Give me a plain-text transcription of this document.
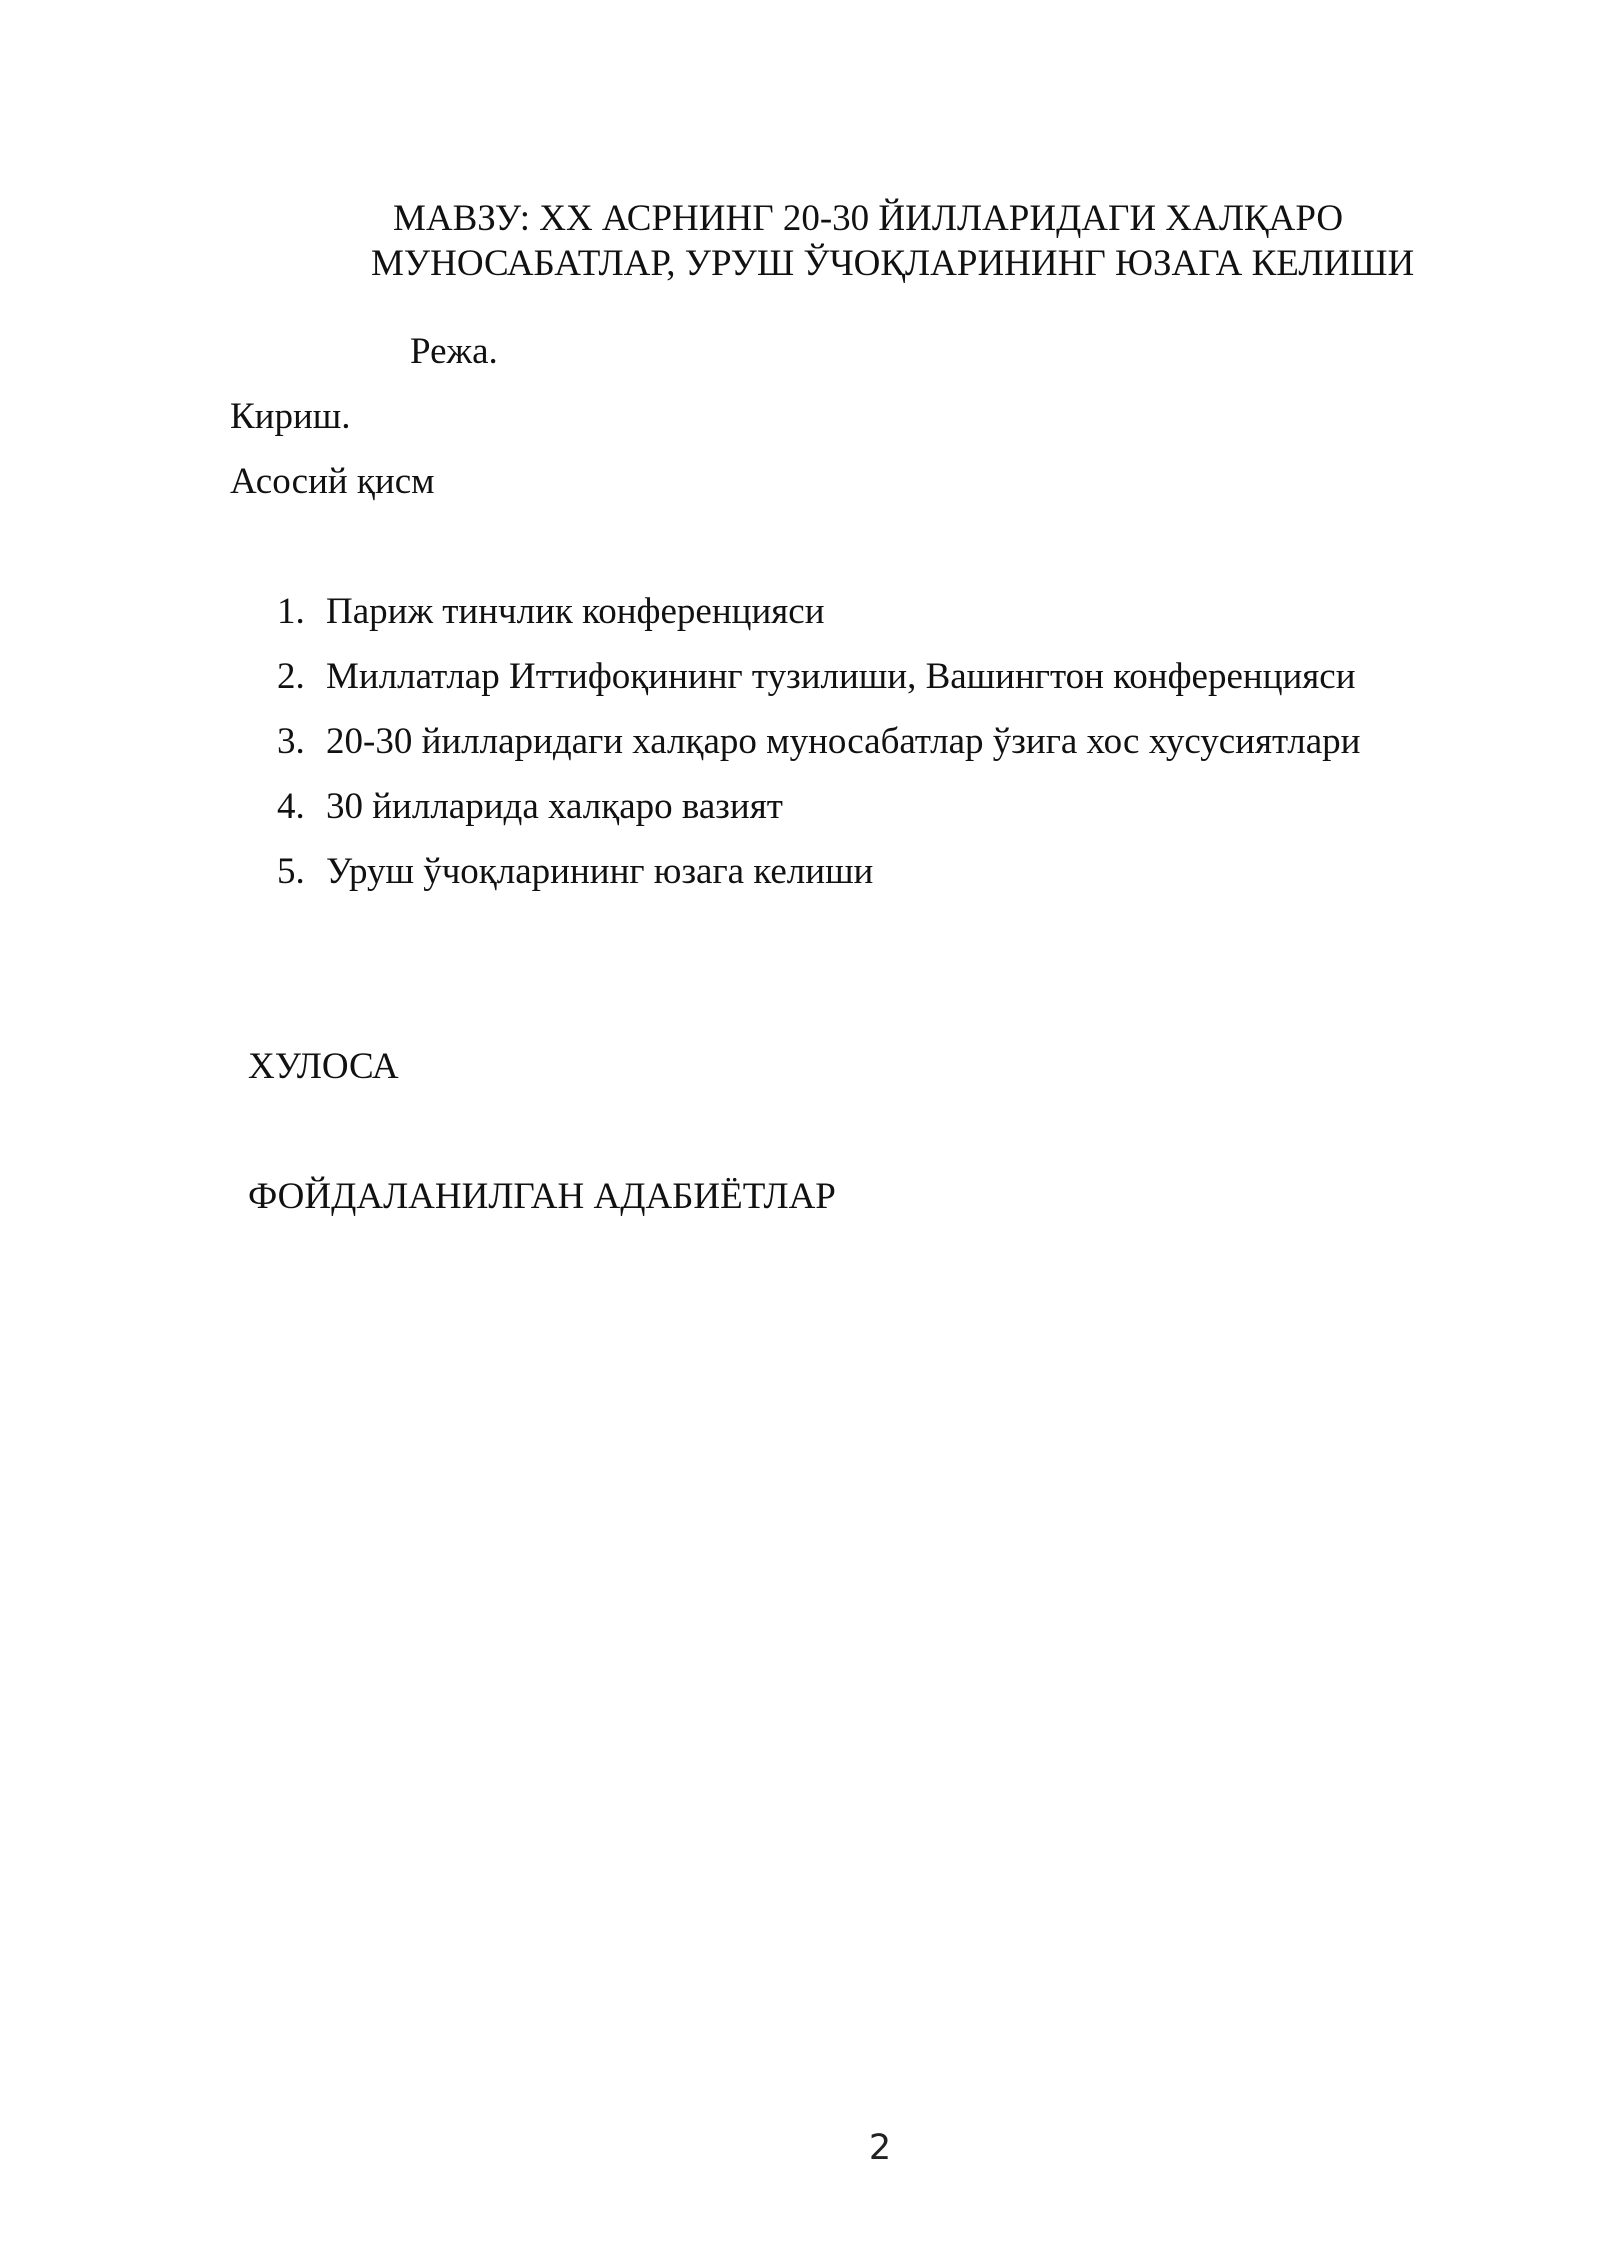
МАВЗУ: XX АСРНИНГ 20-30 ЙИЛЛАРИДАГИ ХАЛҚАРО
МУНОСАБАТЛАР, УРУШ ЎЧОҚЛАРИНИНГ ЮЗАГА КЕЛИШИ
Режа.
Кириш.
Асосий қисм
1. Париж тинчлик конференцияси
2. Миллатлар Иттифоқининг тузилиши, Вашингтон конференцияси
3. 20-30 йилларидаги халқаро муносабатлар ўзига хос хусусиятлари
4. 30 йилларида халқаро вазият
5. Уруш ўчоқларининг юзага келиши
ХУЛОСА
ФОЙДАЛАНИЛГАН АДАБИЁТЛАР
2
